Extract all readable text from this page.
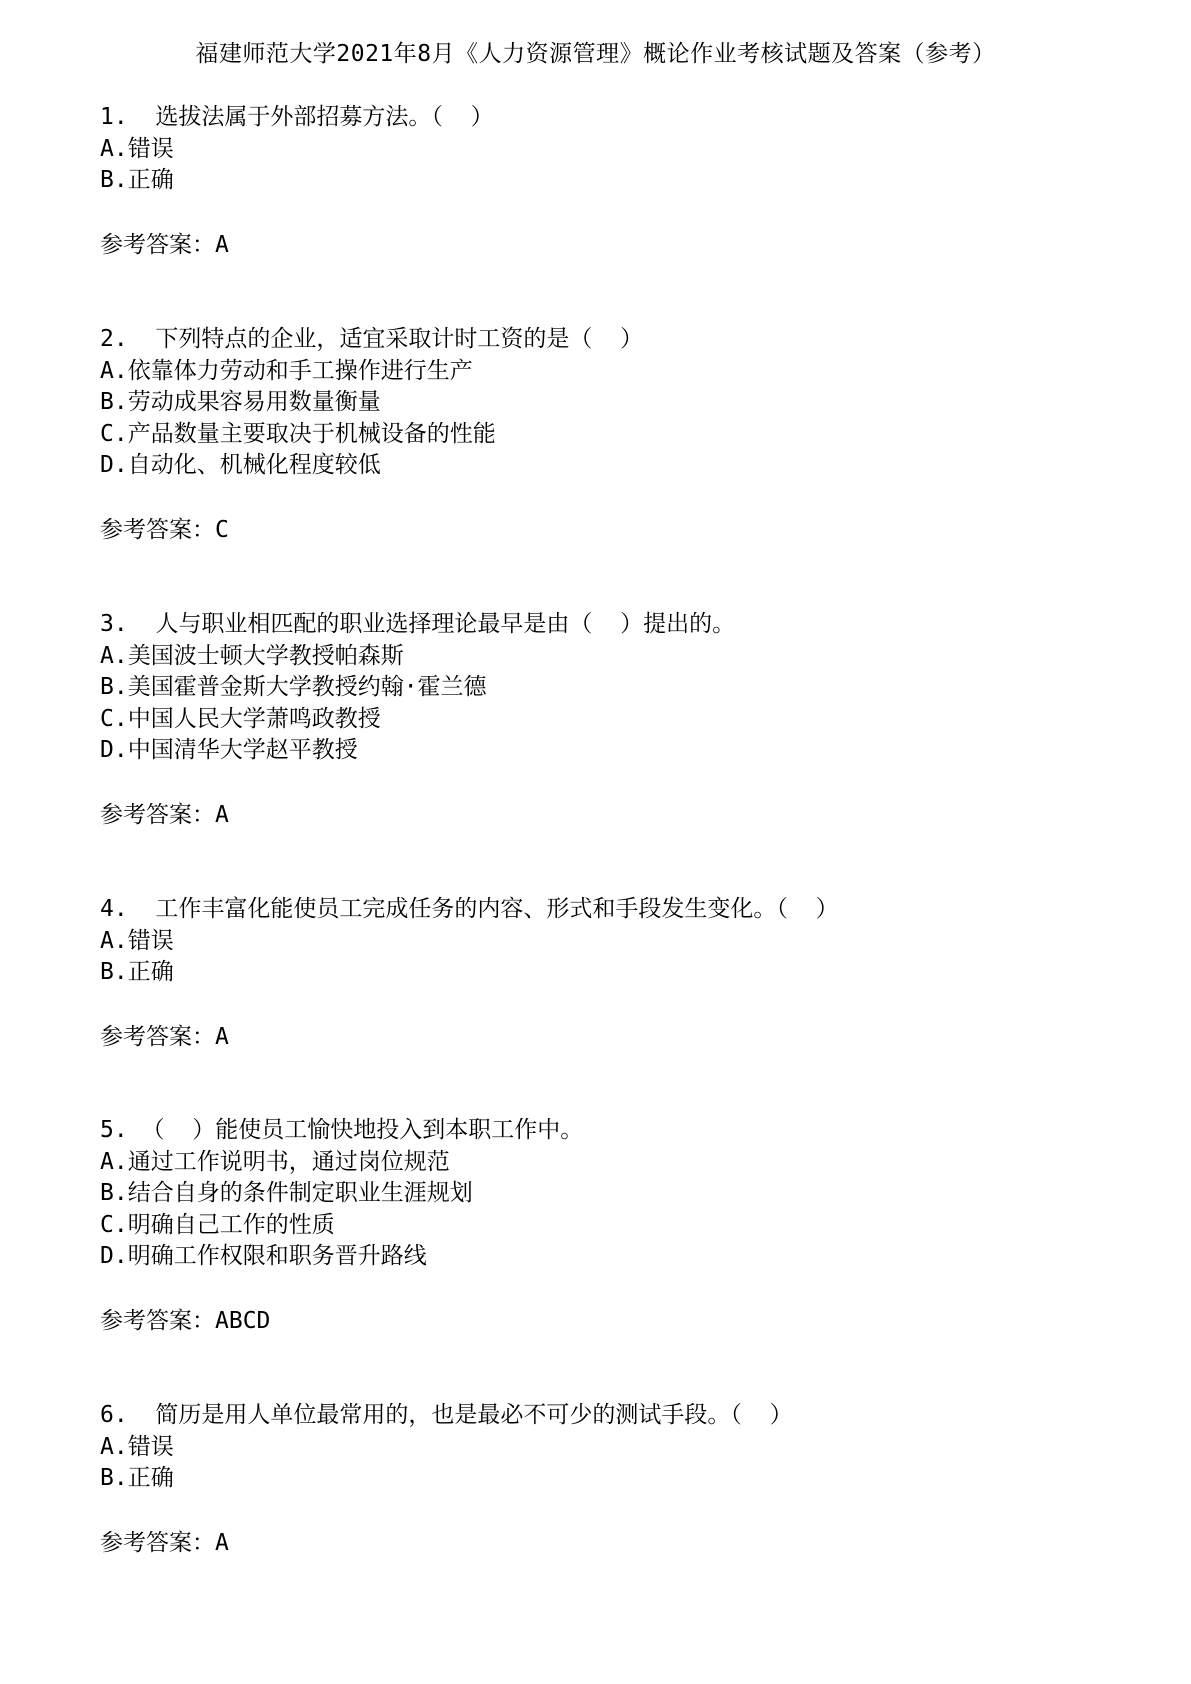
福建师范大学2021年8月《人力资源管理》概论作业考核试题及答案（参考）
1.  选拔法属于外部招募方法。（  ）
A.错误
B.正确
参考答案：A
2.  下列特点的企业，适宜采取计时工资的是（  ）
A.依靠体力劳动和手工操作进行生产
B.劳动成果容易用数量衡量
C.产品数量主要取决于机械设备的性能
D.自动化、机械化程度较低
参考答案：C
3.  人与职业相匹配的职业选择理论最早是由（  ）提出的。
A.美国波士顿大学教授帕森斯
B.美国霍普金斯大学教授约翰·霍兰德
C.中国人民大学萧鸣政教授
D.中国清华大学赵平教授
参考答案：A
4.  工作丰富化能使员工完成任务的内容、形式和手段发生变化。（  ）
A.错误
B.正确
参考答案：A
5. （  ）能使员工愉快地投入到本职工作中。
A.通过工作说明书，通过岗位规范
B.结合自身的条件制定职业生涯规划
C.明确自己工作的性质
D.明确工作权限和职务晋升路线
参考答案：ABCD
6.  简历是用人单位最常用的，也是最必不可少的测试手段。（  ）
A.错误
B.正确
参考答案：A
